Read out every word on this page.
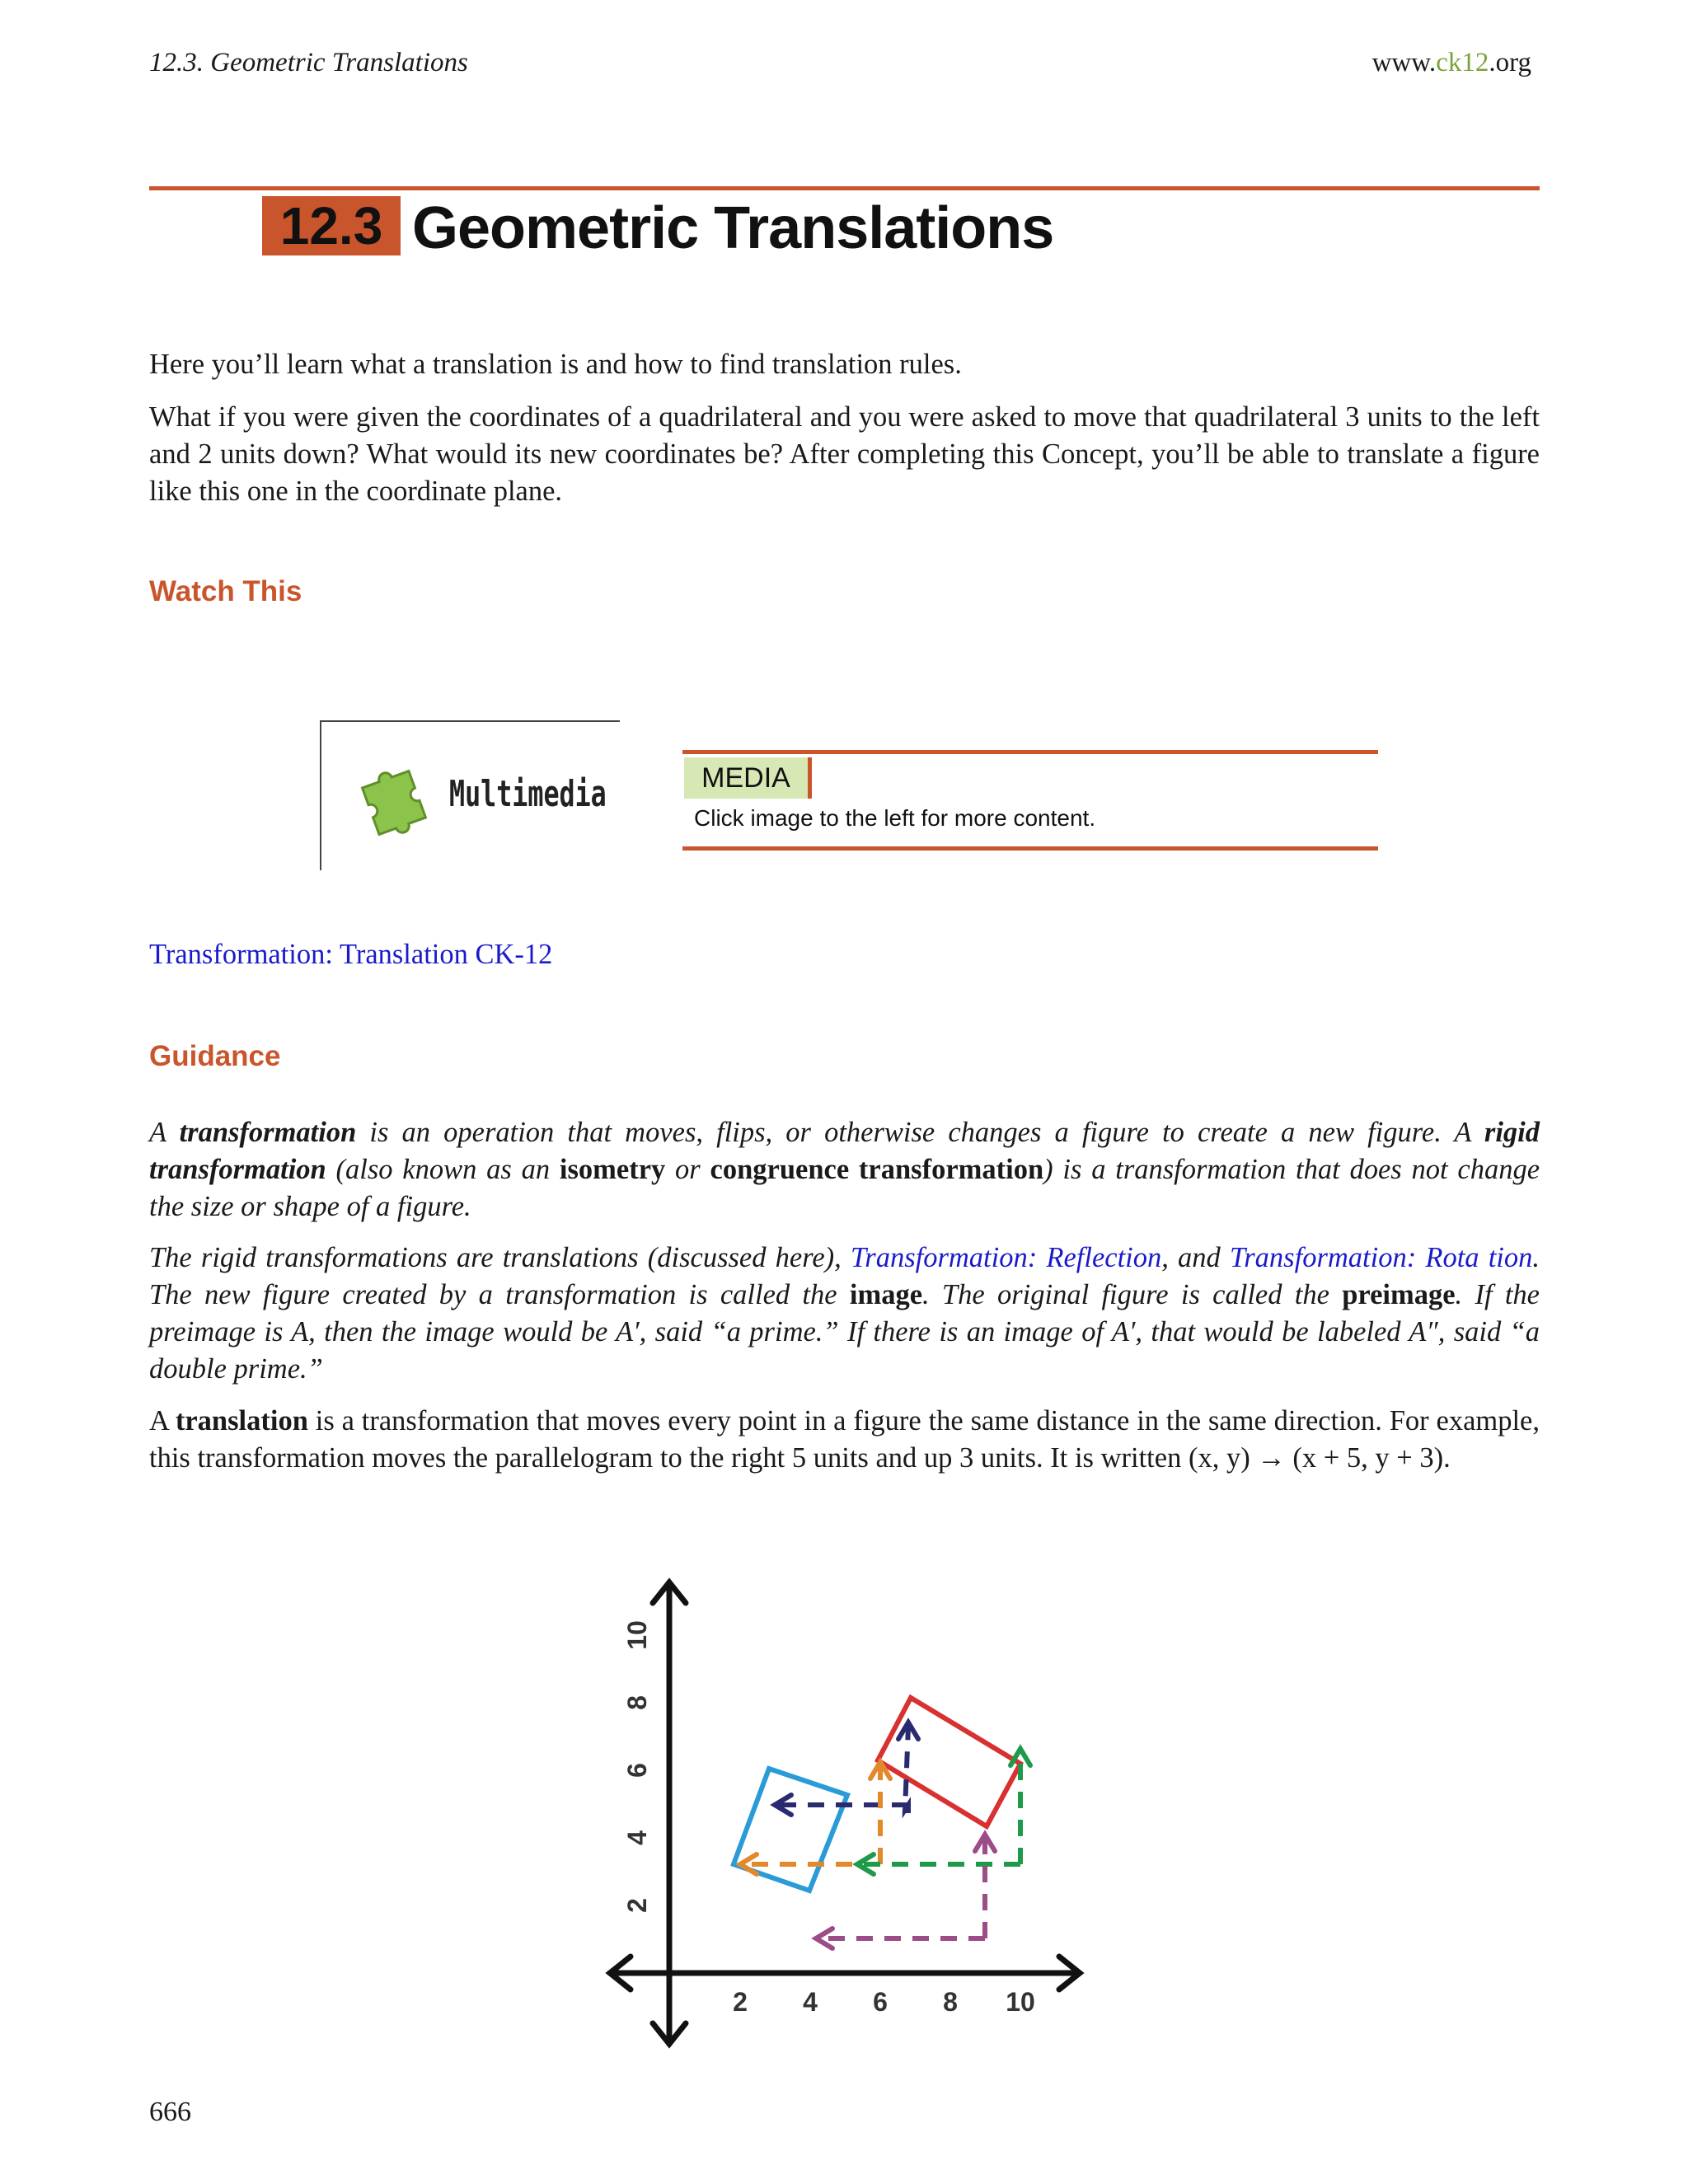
12.3. Geometric Translations	www.ck12.org
12.3 Geometric Translations
Here you’ll learn what a translation is and how to find translation rules.
What if you were given the coordinates of a quadrilateral and you were asked to move that quadrilateral 3 units to the left and 2 units down? What would its new coordinates be? After completing this Concept, you’ll be able to translate a figure like this one in the coordinate plane.
Watch This
Multimedia	MEDIA
Click image to the left for more content.
Transformation: Translation CK-12
Guidance
A transformation is an operation that moves, flips, or otherwise changes a figure to create a new figure. A rigid transformation (also known as an isometry or congruence transformation) is a transformation that does not change the size or shape of a figure.
The rigid transformations are translations (discussed here), Transformation: Reflection, and Transformation: Rota tion. The new figure created by a transformation is called the image. The original figure is called the preimage. If the preimage is A, then the image would be A′, said “a prime.” If there is an image of A′, that would be labeled A″, said “a double prime.”
A translation is a transformation that moves every point in a figure the same distance in the same direction. For example, this transformation moves the parallelogram to the right 5 units and up 3 units. It is written (x, y) → (x + 5, y + 3).
2 4 6 8 10
2
4
6
8
10
666
